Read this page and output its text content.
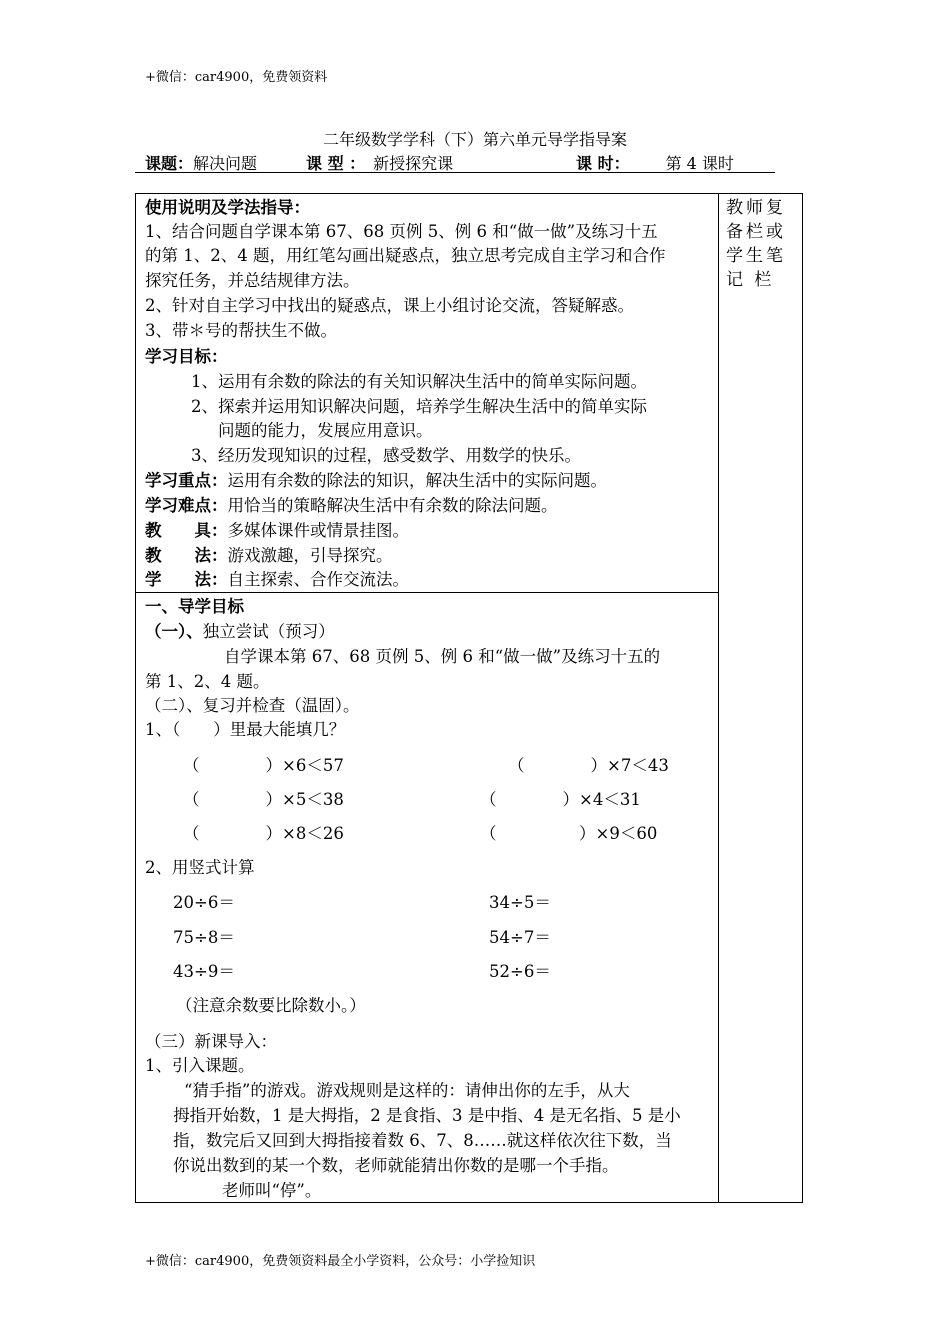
+微信：car4900，免费领资料
二年级数学学科（下）第六单元导学指导案
课题：解决问题	课 型 ： 新授探究课	课 时： 第 4 课时
教师复
备栏或
学生笔
记 栏
使用说明及学法指导：
1、结合问题自学课本第 67、68 页例 5、例 6 和“做一做”及练习十五
的第 1、2、4 题，用红笔勾画出疑惑点，独立思考完成自主学习和合作
探究任务，并总结规律方法。
2、针对自主学习中找出的疑惑点，课上小组讨论交流，答疑解惑。
3、带＊号的帮扶生不做。
学习目标：
1、运用有余数的除法的有关知识解决生活中的简单实际问题。
2、探索并运用知识解决问题，培养学生解决生活中的简单实际
问题的能力，发展应用意识。
3、经历发现知识的过程，感受数学、用数学的快乐。
学习重点：运用有余数的除法的知识，解决生活中的实际问题。
学习难点：用恰当的策略解决生活中有余数的除法问题。
教　　具：多媒体课件或情景挂图。
教　　法：游戏激趣，引导探究。
学　　法：自主探索、合作交流法。
一、导学目标
（一）、独立尝试（预习）
自学课本第 67、68 页例 5、例 6 和“做一做”及练习十五的
第 1、2、4 题。
（二）、复习并检查（温固）。
1、（　　）里最大能填几？
（　　　　）×6＜57	（　　　　）×7＜43
（　　　　）×5＜38	（　　　　）×4＜31
（　　　　）×8＜26	（　　　　　）×9＜60
2、用竖式计算
20÷6＝	34÷5＝
75÷8＝	54÷7＝
43÷9＝	52÷6＝
（注意余数要比除数小。）
（三）新课导入：
1、引入课题。
“猜手指”的游戏。游戏规则是这样的：请伸出你的左手，从大
拇指开始数，1 是大拇指，2 是食指、3 是中指、4 是无名指、5 是小
指，数完后又回到大拇指接着数 6、7、8……就这样依次往下数，当
你说出数到的某一个数，老师就能猜出你数的是哪一个手指。
老师叫“停”。
+微信：car4900，免费领资料最全小学资料，公众号：小学捡知识
